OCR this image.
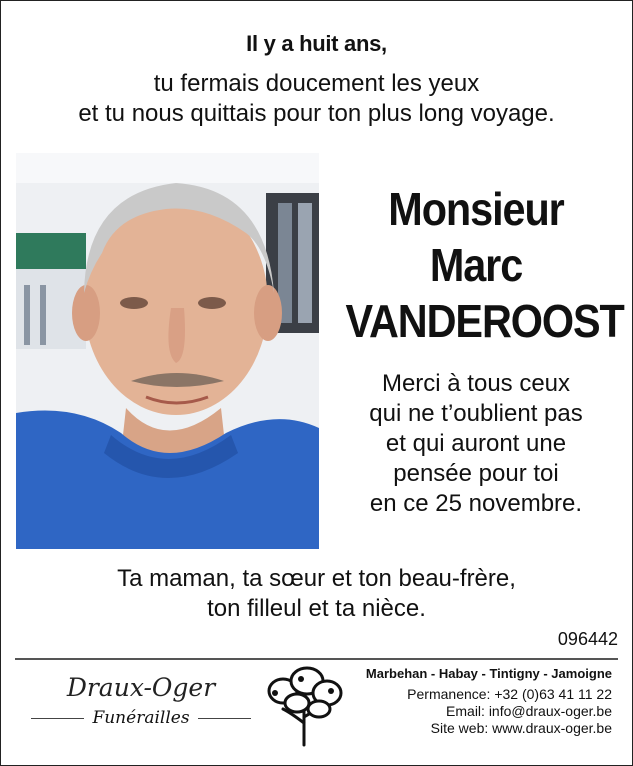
Il y a huit ans,
tu fermais doucement les yeux
et tu nous quittais pour ton plus long voyage.
Monsieur
Marc
VANDEROOST
Merci à tous ceux
qui ne t’oublient pas
et qui auront une
pensée pour toi
en ce 25 novembre.
Ta maman, ta sœur et ton beau-frère,
ton filleul et ta nièce.
096442
Draux-Oger
Funérailles
Marbehan - Habay - Tintigny - Jamoigne
Permanence: +32 (0)63 41 11 22
Email: info@draux-oger.be
Site web: www.draux-oger.be
